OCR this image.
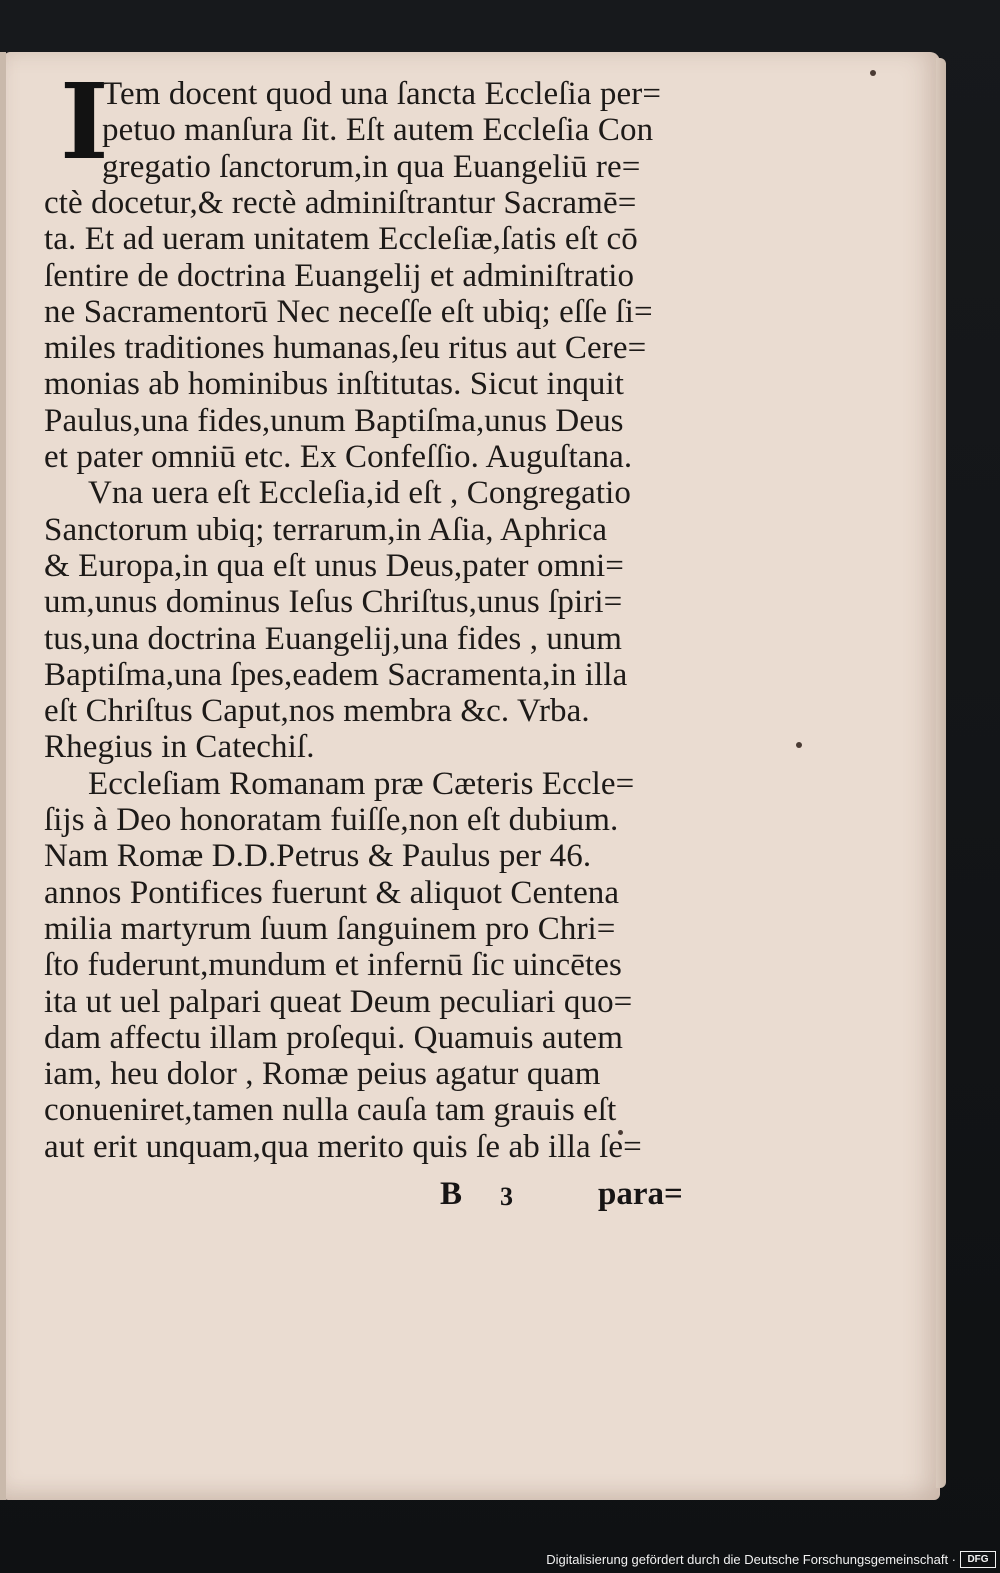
I
Tem docent quod una ſancta Eccleſia per=
petuo manſura ſit. Eſt autem Eccleſia Con
gregatio ſanctorum,in qua Euangeliū re=
ctè docetur,& rectè adminiſtrantur Sacramē=
ta. Et ad ueram unitatem Eccleſiæ,ſatis eſt cō
ſentire de doctrina Euangelij et adminiſtratio
ne Sacramentorū Nec neceſſe eſt ubiq; eſſe ſi=
miles traditiones humanas,ſeu ritus aut Cere=
monias ab hominibus inſtitutas. Sicut inquit
Paulus,una fides,unum Baptiſma,unus Deus
et pater omniū etc. Ex Confeſſio. Auguſtana.
Vna uera eſt Eccleſia,id eſt , Congregatio
Sanctorum ubiq; terrarum,in Aſia, Aphrica
& Europa,in qua eſt unus Deus,pater omni=
um,unus dominus Ieſus Chriſtus,unus ſpiri=
tus,una doctrina Euangelij,una fides , unum
Baptiſma,una ſpes,eadem Sacramenta,in illa
eſt Chriſtus Caput,nos membra &c. Vrba.
Rhegius in Catechiſ.
Eccleſiam Romanam præ Cæteris Eccle=
ſijs à Deo honoratam fuiſſe,non eſt dubium.
Nam Romæ D.D.Petrus & Paulus per 46.
annos Pontifices fuerunt & aliquot Centena
milia martyrum ſuum ſanguinem pro Chri=
ſto fuderunt,mundum et infernū ſic uincētes
ita ut uel palpari queat Deum peculiari quo=
dam affectu illam proſequi. Quamuis autem
iam, heu dolor , Romæ peius agatur quam
conueniret,tamen nulla cauſa tam grauis eſt
aut erit unquam,qua merito quis ſe ab illa ſe=
B 3	para=
Digitalisierung gefördert durch die Deutsche Forschungsgemeinschaft ·	DFG
